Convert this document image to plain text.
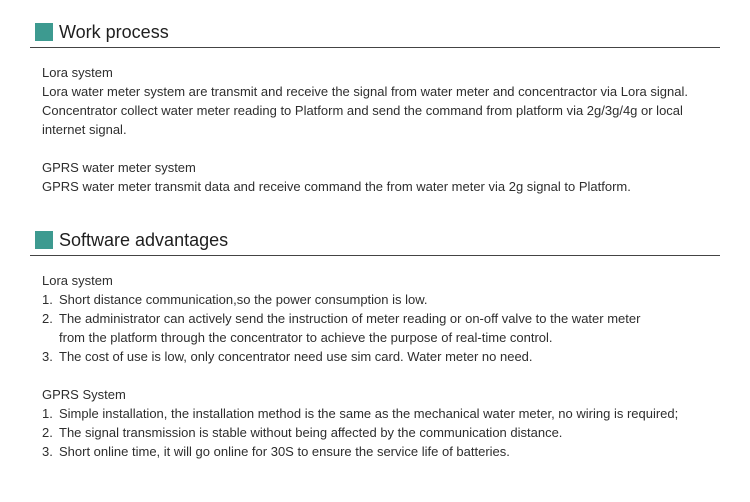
Work process

Lora system

Lora water meter system are transmit and receive the signal from water meter and concentractor via Lora signal. Concentrator collect water meter reading to Platform and send the command from platform via 2g/3g/4g or local internet signal.

GPRS water meter system

GPRS water meter transmit data and receive command the from water meter via 2g signal to Platform.

Software advantages

Lora system

1. Short distance communication,so the power consumption is low.
2. The administrator can actively send the instruction of meter reading or on-off valve to the water meter from the platform through the concentrator to achieve the purpose of real-time control.
3. The cost of use is low, only concentrator need use sim card. Water meter no need.

GPRS System

1. Simple installation, the installation method is the same as the mechanical water meter, no wiring is required;
2. The signal transmission is stable without being affected by the communication distance.
3. Short online time, it will go online for 30S to ensure the service life of batteries.
